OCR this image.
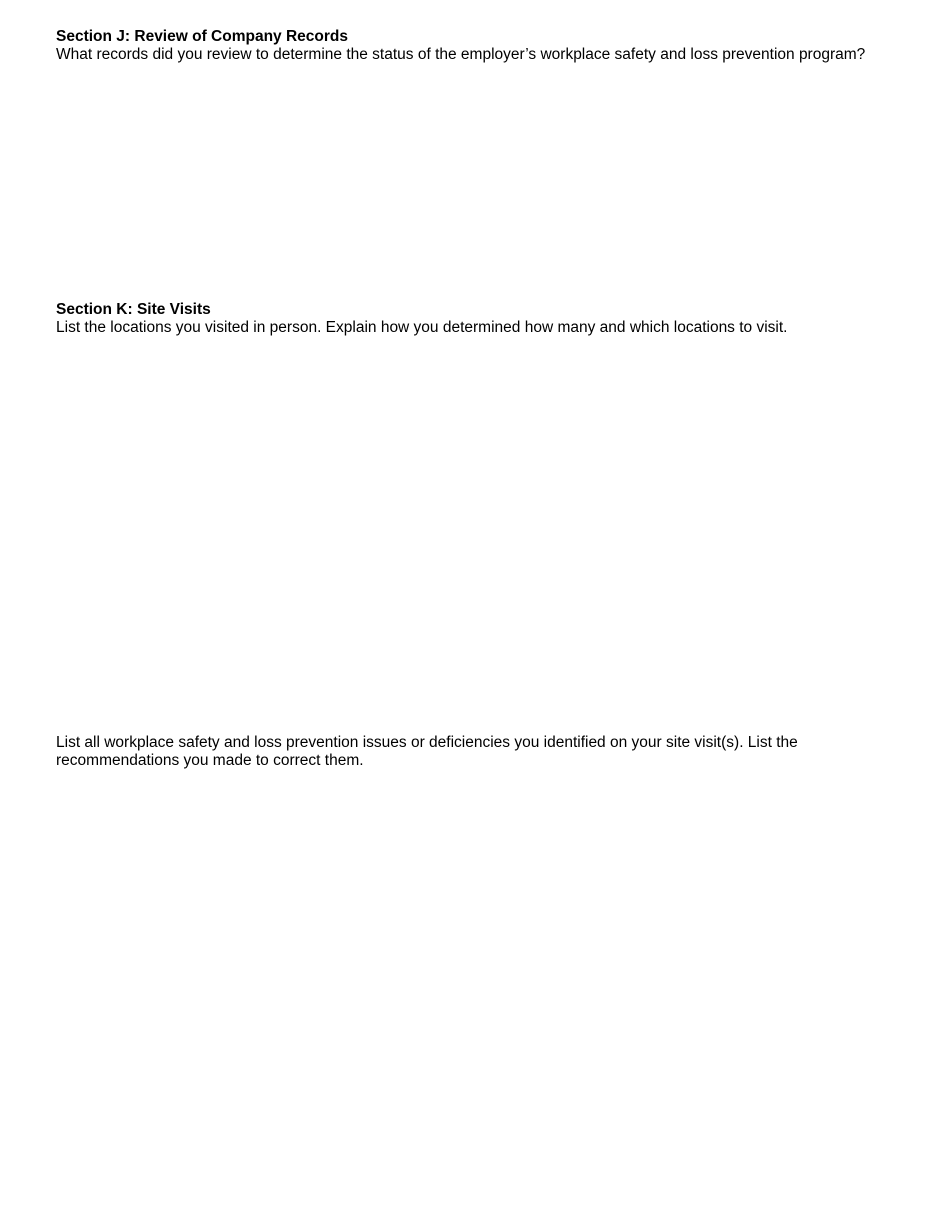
Section J: Review of Company Records
What records did you review to determine the status of the employer’s workplace safety and loss prevention program?
Section K: Site Visits
List the locations you visited in person. Explain how you determined how many and which locations to visit.
List all workplace safety and loss prevention issues or deficiencies you identified on your site visit(s). List the recommendations you made to correct them.
